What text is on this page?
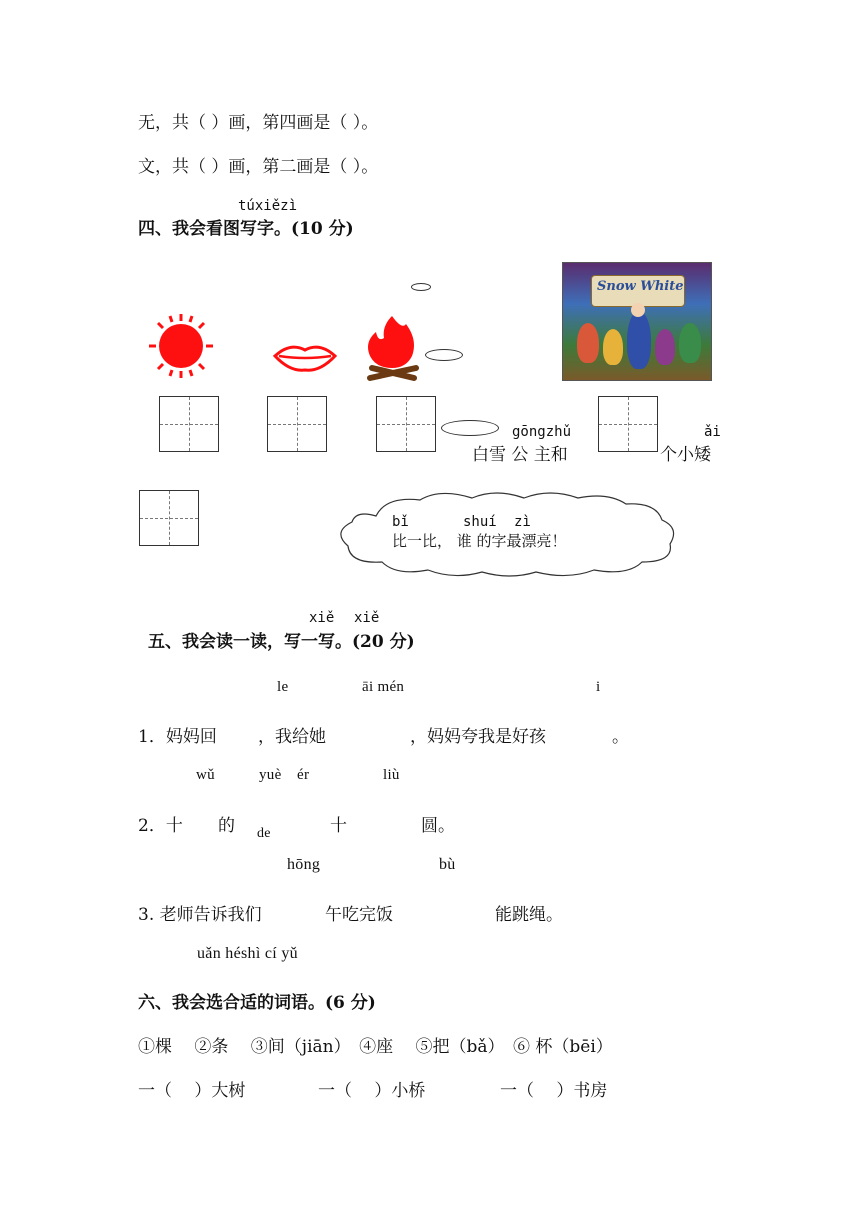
无，共（ ）画，第四画是（ ）。
文，共（ ）画，第二画是（ ）。
túxiězì
四、我会看图写字。(10 分)
Snow White
gōngzhǔ	ǎi
白雪 公 主和	个小矮
bǐ	shuí zì
比一比， 谁 的字最漂亮！
xiě xiě
五、我会读一读，写一写。(20 分)
le	āi mén	i
1．妈妈回 ，我给她	，妈妈夸我是好孩	。
wǔ	yuè ér	liù
2．十 的 de	十	圆。
hōng	bù
3. 老师告诉我们	午吃完饭	能跳绳。
uǎn héshì cí yǔ
六、我会选合适的词语。(6 分)
①棵　 ②条 　③间（jiān）　④座　 ⑤把（bǎ）　⑥ 杯（bēi）
一（　 ）大树	一（　 ）小桥	一（　 ）书房
